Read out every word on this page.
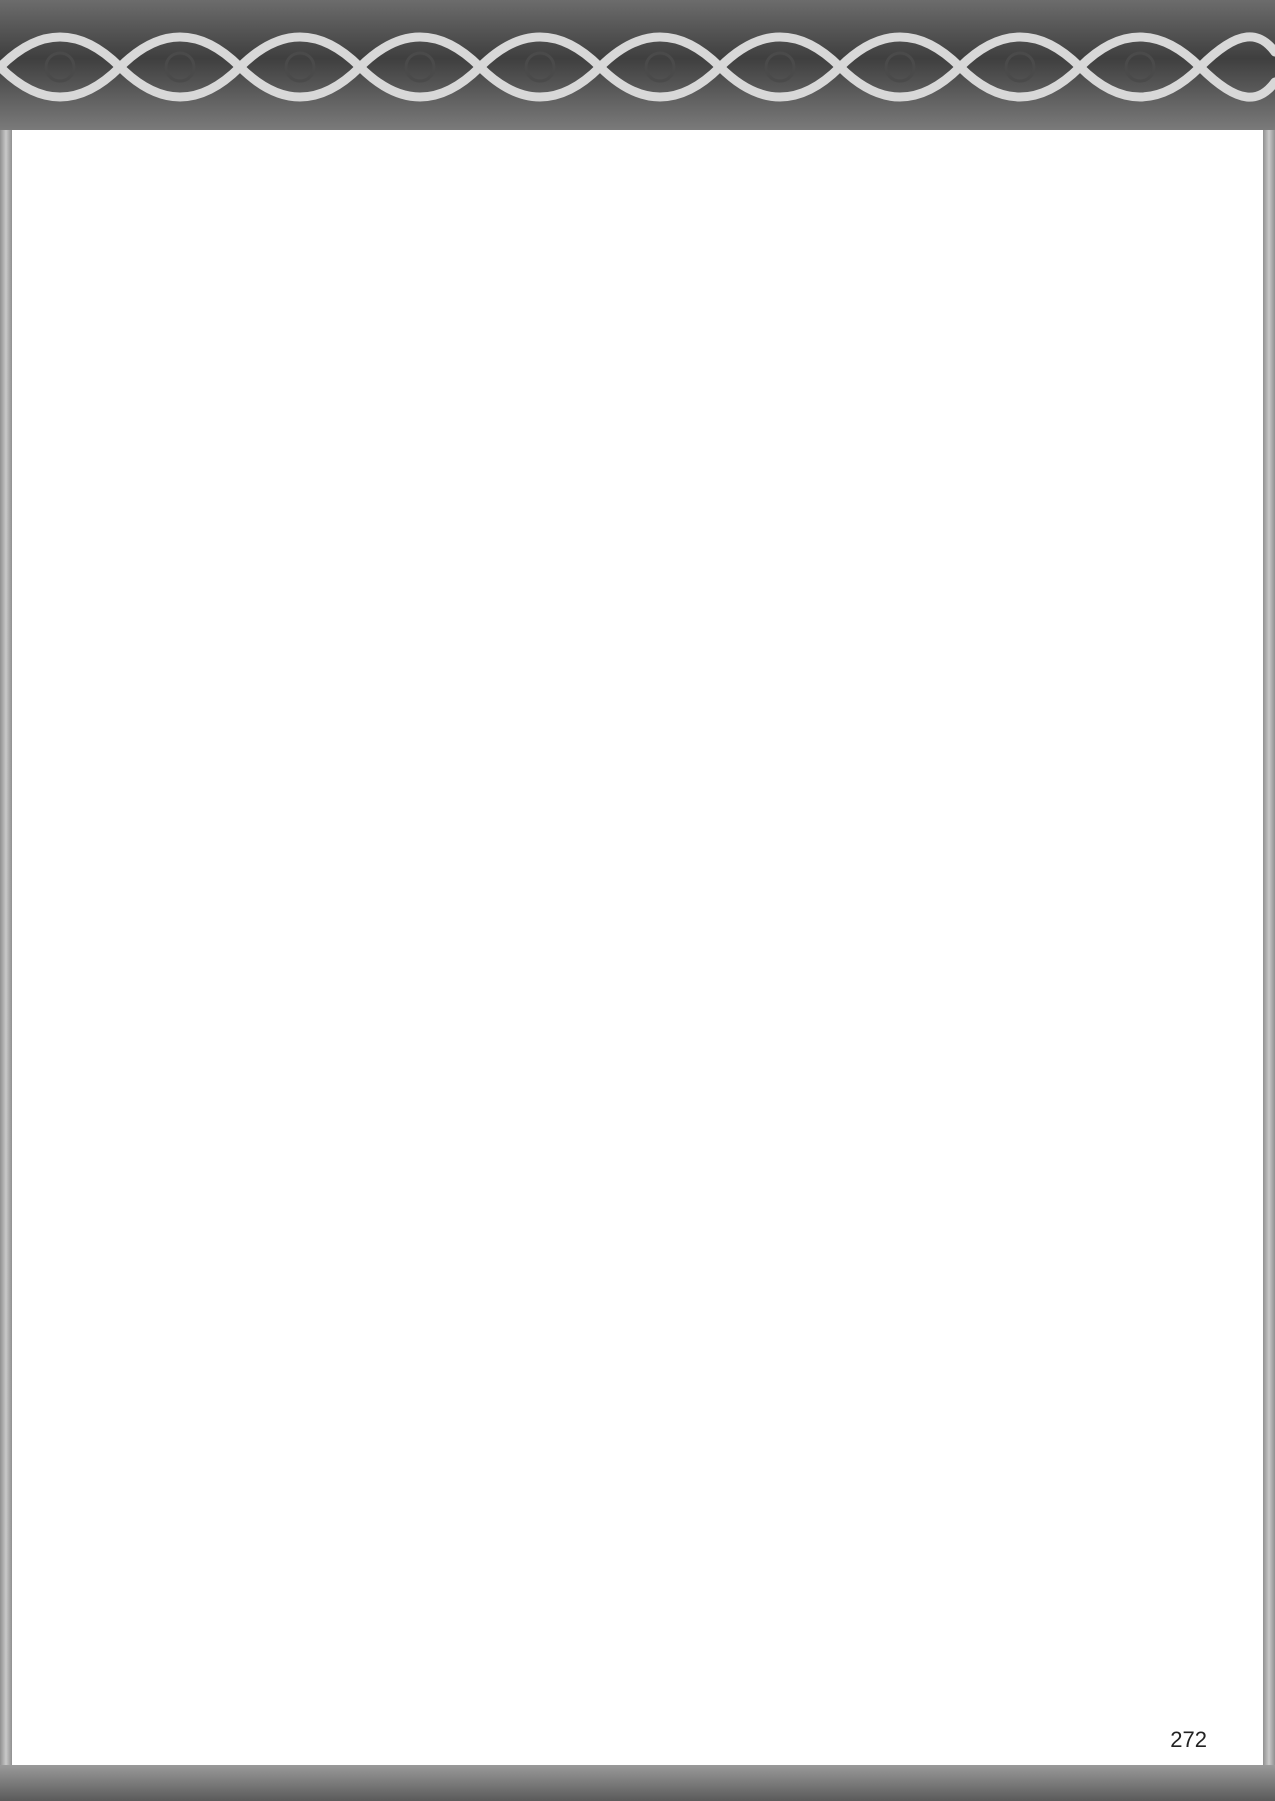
272
